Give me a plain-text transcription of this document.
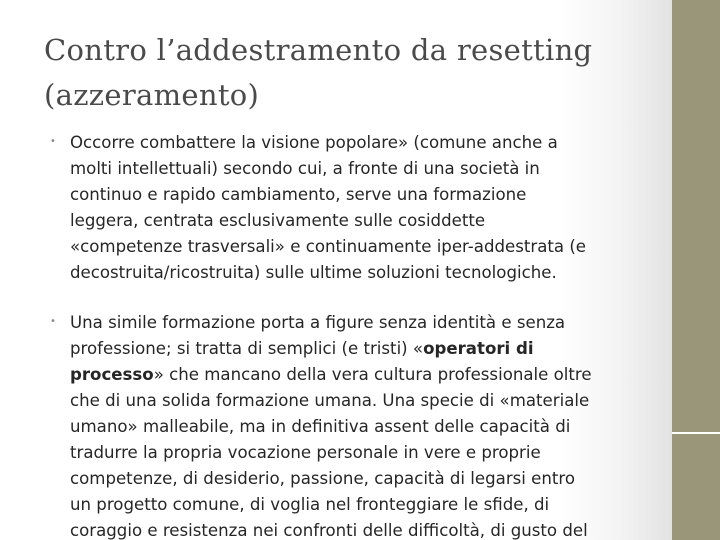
Contro l’addestramento da resetting
(azzeramento)
• Occorre combattere la visione popolare» (comune anche a
molti intellettuali) secondo cui, a fronte di una società in
continuo e rapido cambiamento, serve una formazione
leggera, centrata esclusivamente sulle cosiddette
«competenze trasversali» e continuamente iper-addestrata (e
decostruita/ricostruita) sulle ultime soluzioni tecnologiche.
• Una simile formazione porta a figure senza identità e senza
professione; si tratta di semplici (e tristi) «operatori di
processo» che mancano della vera cultura professionale oltre
che di una solida formazione umana. Una specie di «materiale
umano» malleabile, ma in definitiva assent delle capacità di
tradurre la propria vocazione personale in vere e proprie
competenze, di desiderio, passione, capacità di legarsi entro
un progetto comune, di voglia nel fronteggiare le sfide, di
coraggio e resistenza nei confronti delle difficoltà, di gusto del
